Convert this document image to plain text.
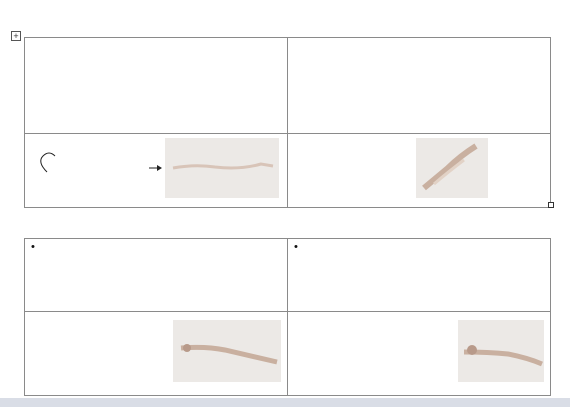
+

•	•
